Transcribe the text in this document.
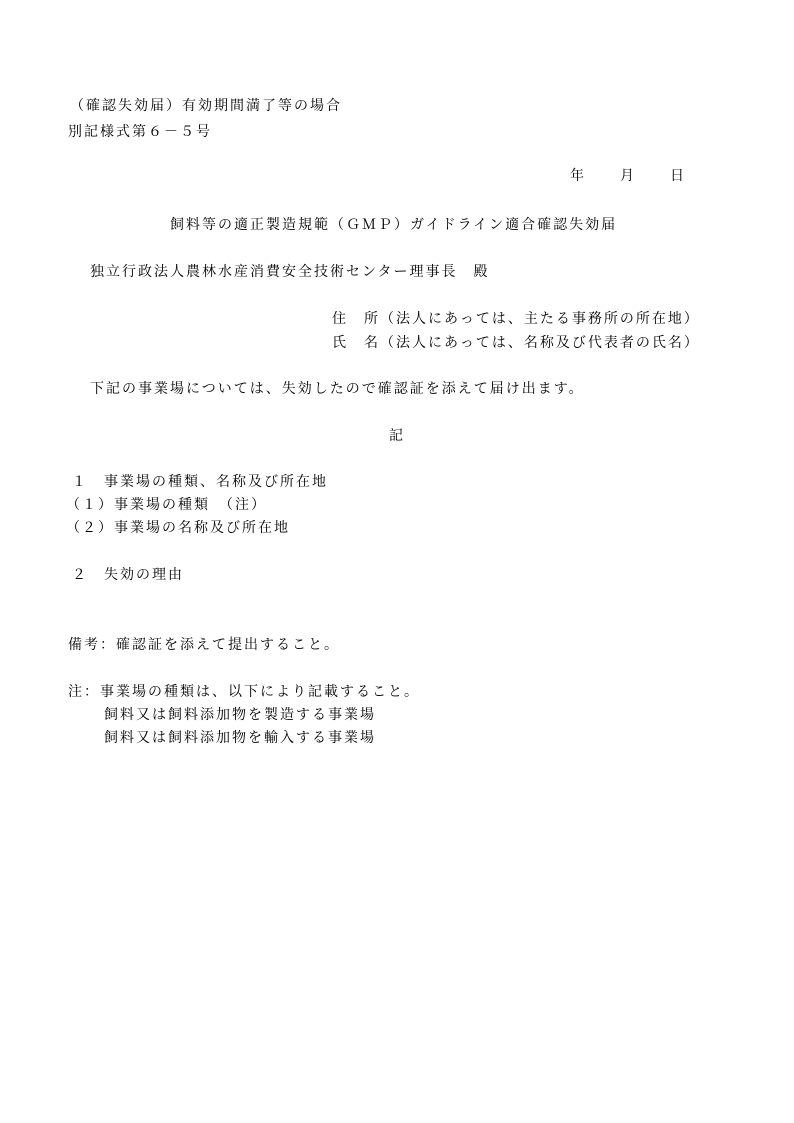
（確認失効届）有効期間満了等の場合
別記様式第６－５号
年 月 日
飼料等の適正製造規範（ＧＭＰ）ガイドライン適合確認失効届
独立行政法人農林水産消費安全技術センター理事長　殿
住　所（法人にあっては、主たる事務所の所在地）
氏　名（法人にあっては、名称及び代表者の氏名）
下記の事業場については、失効したので確認証を添えて届け出ます。
記
１　事業場の種類、名称及び所在地
（１）事業場の種類　（注）
（２）事業場の名称及び所在地
２　失効の理由
備考：確認証を添えて提出すること。
注：事業場の種類は、以下により記載すること。
飼料又は飼料添加物を製造する事業場
飼料又は飼料添加物を輸入する事業場
